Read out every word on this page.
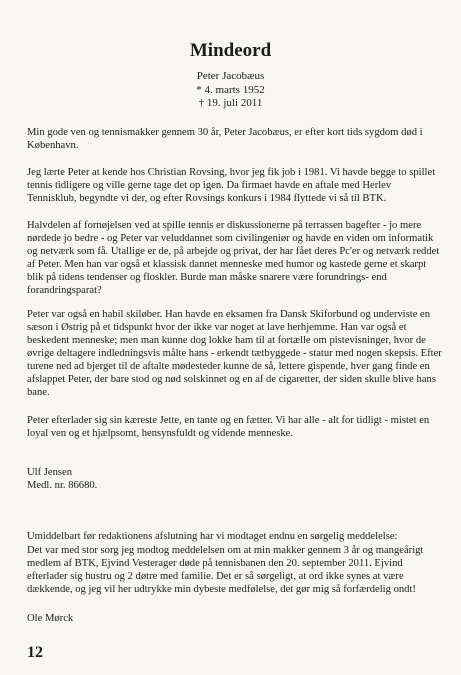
Mindeord
Peter Jacobæus
* 4. marts 1952
† 19. juli 2011

Min gode ven og tennismakker gennem 30 år, Peter Jacobæus, er efter kort tids sygdom død i København.

Jeg lærte Peter at kende hos Christian Rovsing, hvor jeg fik job i 1981. Vi havde begge to spillet tennis tidligere og ville gerne tage det op igen. Da firmaet havde en aftale med Herlev Tennisklub, begyndte vi der, og efter Rovsings konkurs i 1984 flyttede vi så til BTK.

Halvdelen af fornøjelsen ved at spille tennis er diskussionerne på terrassen bagefter - jo mere nørdede jo bedre - og Peter var veluddannet som civilingeniør og havde en viden om informatik og netværk som få. Utallige er de, på arbejde og privat, der har fået deres Pc'er og netværk reddet af Peter. Men han var også et klassisk dannet menneske med humor og kastede gerne et skarpt blik på tidens tendenser og floskler. Burde man måske snarere være forundrings- end forandringsparat?

Peter var også en habil skiløber. Han havde en eksamen fra Dansk Skiforbund og underviste en sæson i Østrig på et tidspunkt hvor der ikke var noget at lave herhjemme. Han var også et beskedent menneske; men man kunne dog lokke ham til at fortælle om pistevisninger, hvor de øvrige deltagere indledningsvis målte hans - erkendt tætbyggede - statur med nogen skepsis. Efter turene ned ad bjerget til de aftalte mødesteder kunne de så, lettere gispende, hver gang finde en afslappet Peter, der bare stod og nød solskinnet og en af de cigaretter, der siden skulle blive hans bane.

Peter efterlader sig sin kæreste Jette, en tante og en fætter. Vi har alle - alt for tidligt - mistet en loyal ven og et hjælpsomt, hensynsfuldt og vidende menneske.

Ulf Jensen

Medl. nr. 86680.

Umiddelbart før redaktionens afslutning har vi modtaget endnu en sørgelig meddelelse:

Det var med stor sorg jeg modtog meddelelsen om at min makker gennem 3 år og mangeårigt medlem af BTK, Ejvind Vesterager døde på tennisbanen den 20. september 2011. Ejvind efterlader sig hustru og 2 døtre med familie. Det er så sørgeligt, at ord ikke synes at være dækkende, og jeg vil her udtrykke min dybeste medfølelse, det gør mig så forfærdelig ondt!

Ole Mørck

12
